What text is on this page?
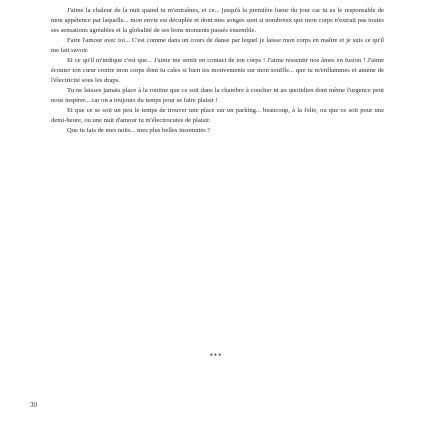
J'aime la chaleur de la nuit quand tu m'entraînes, et ce... jusqu'à la première lueur du jour car tu es le responsable de mon appétence par laquelle... mon envie est décuplée et dont mes songes sont si nombreux que mon corps n'extrait pas toutes ses sensations agréables et la globalité de ses bons moments passés ensemble.

Faire l'amour avec toi... C'est comme dans un cours de danse par lequel je laisse mon corps en maître et je suis ce qu'il me fait savoir.

Et ce qu'il m'indique c'est que... J'aime me sentir en contact de ton corps ! J'aime ressentir nos âmes en fusion ! J'aime écouter ton cœur contre mon corps dont tu cales si bien tes mouvements sur mon souffle... que tu m'enflammes et amène de l'électricité sous les draps.

Tu ne laisses jamais place à la routine que ce soit dans la chambre à coucher ni au quotidien dont même l'urgence peut nous inspirer... car on a toujours du temps pour se faire plaisir !

Et que ce se soit un peu le temps de trouver une place sur un parking... beaucoup, à la folie, ou que ce soit pour une demi-heure, ou une nuit d'amour tu m'électrocutes de plaisir.

Que tu fais de mes nuits... mes plus belles insomnies ?

•••
30
